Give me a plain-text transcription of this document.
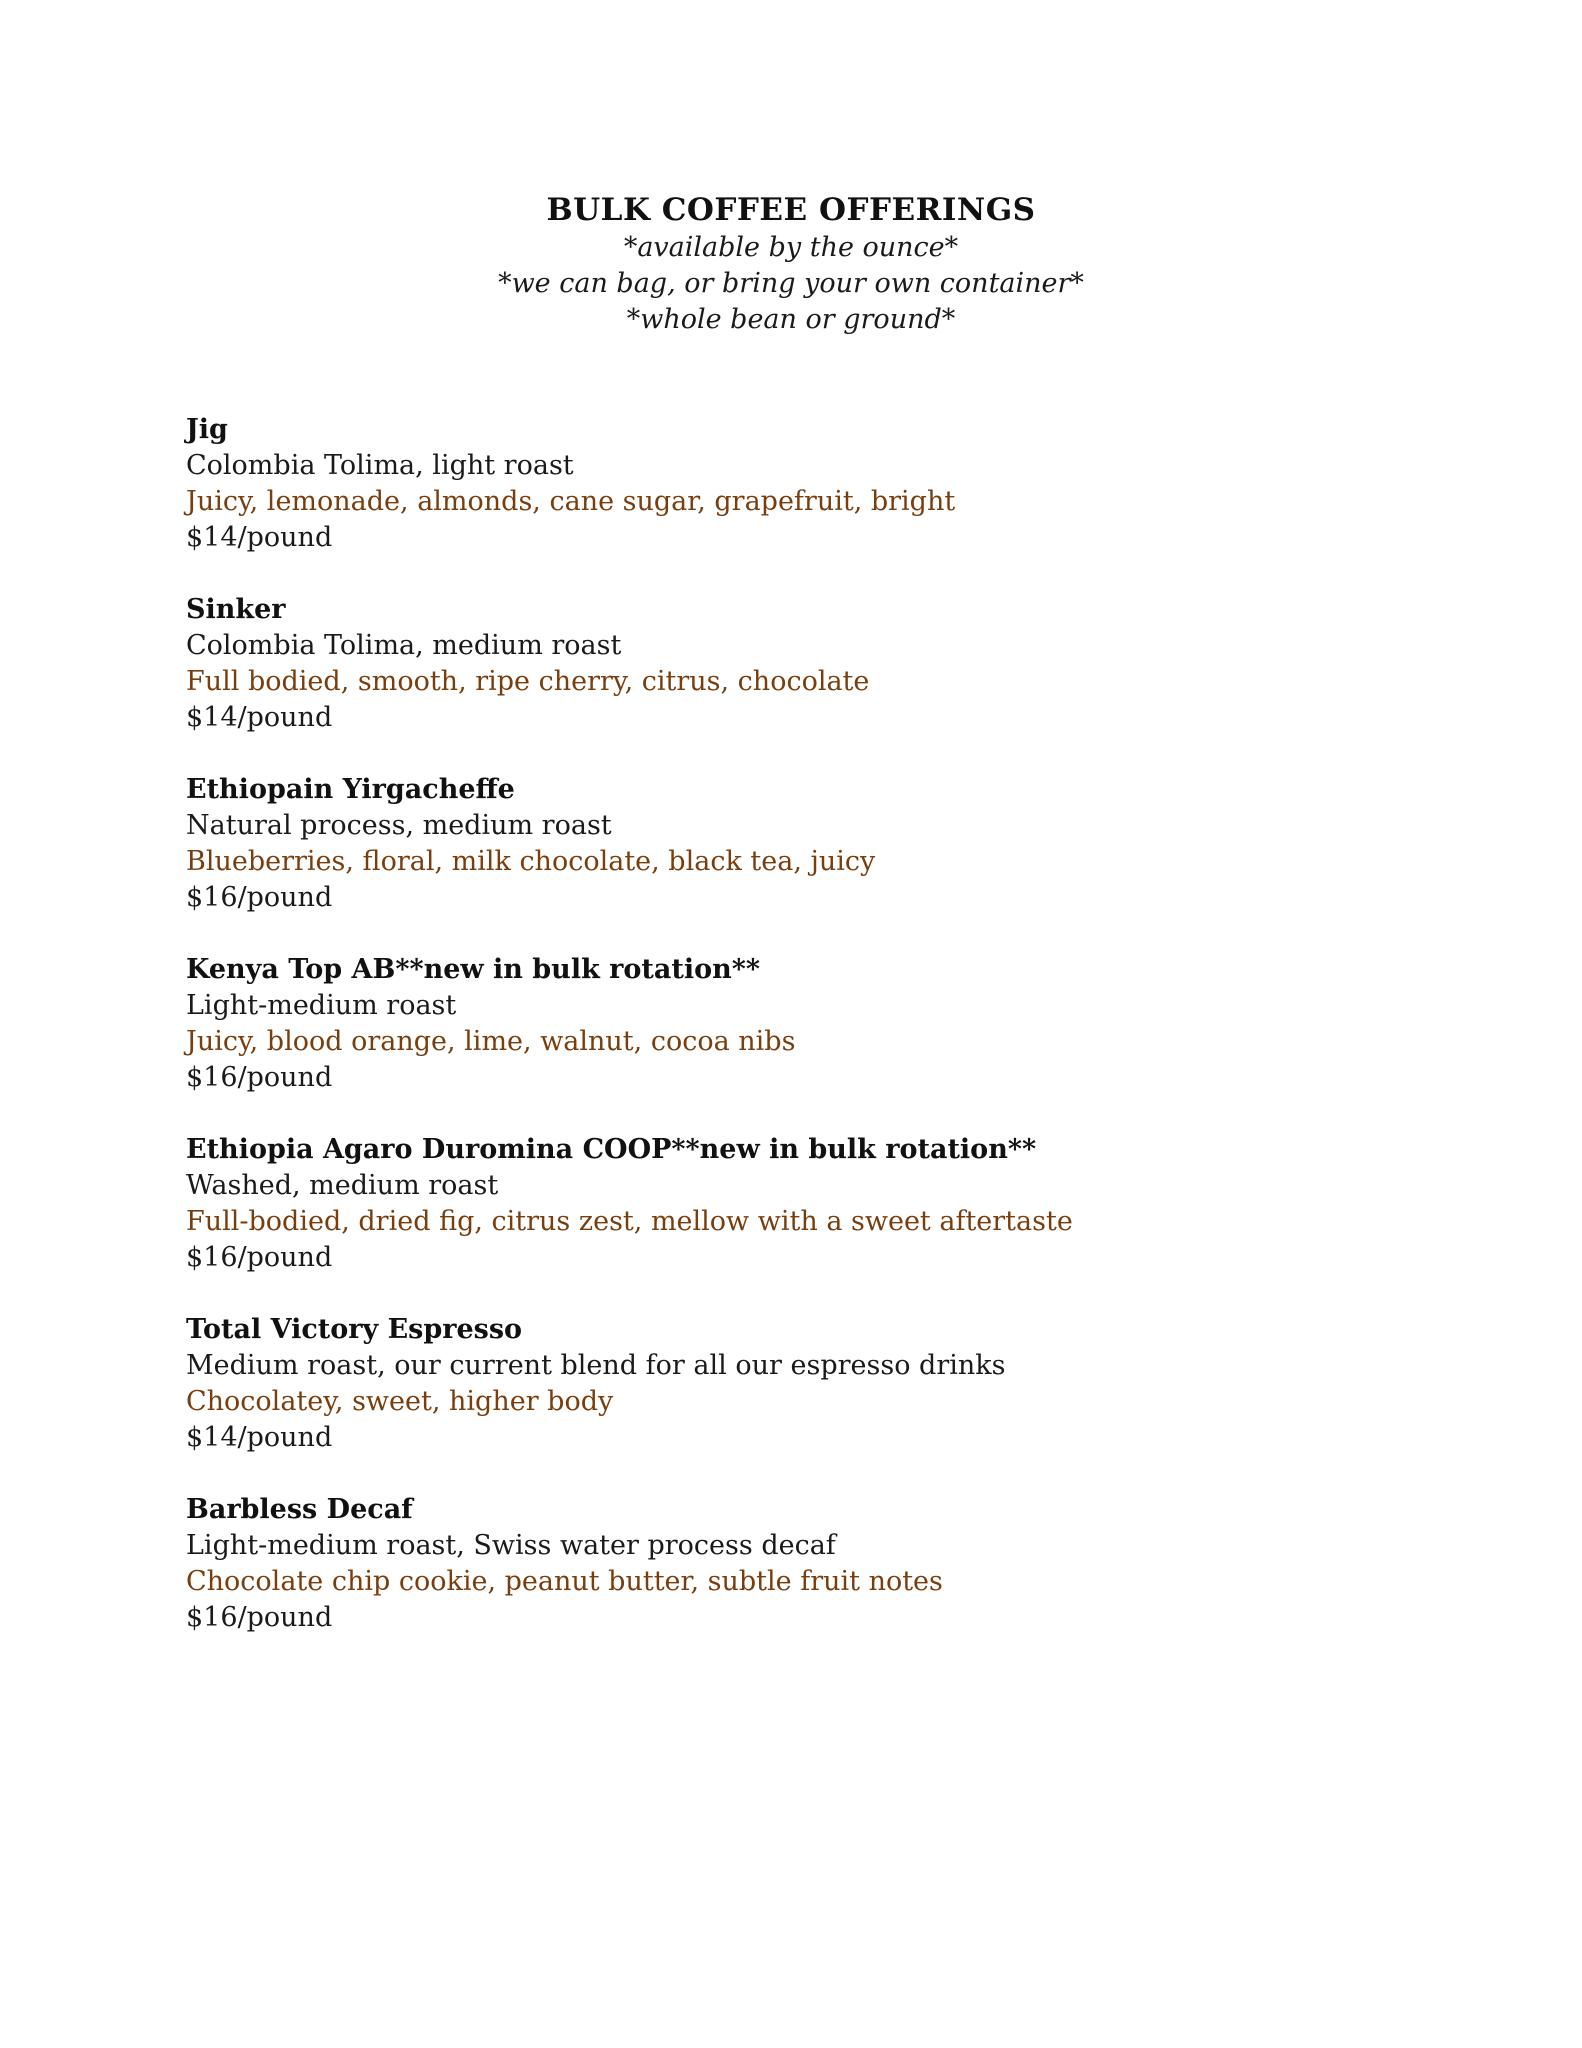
BULK COFFEE OFFERINGS

*available by the ounce*

*we can bag, or bring your own container*

*whole bean or ground*

Jig

Colombia Tolima, light roast

Juicy, lemonade, almonds, cane sugar, grapefruit, bright

$14/pound

Sinker

Colombia Tolima, medium roast

Full bodied, smooth, ripe cherry, citrus, chocolate

$14/pound

Ethiopain Yirgacheffe

Natural process, medium roast

Blueberries, floral, milk chocolate, black tea, juicy

$16/pound

Kenya Top AB**new in bulk rotation**

Light-medium roast

Juicy, blood orange, lime, walnut, cocoa nibs

$16/pound

Ethiopia Agaro Duromina COOP**new in bulk rotation**

Washed, medium roast

Full-bodied, dried fig, citrus zest, mellow with a sweet aftertaste

$16/pound

Total Victory Espresso

Medium roast, our current blend for all our espresso drinks

Chocolatey, sweet, higher body

$14/pound

Barbless Decaf

Light-medium roast, Swiss water process decaf

Chocolate chip cookie, peanut butter, subtle fruit notes

$16/pound
